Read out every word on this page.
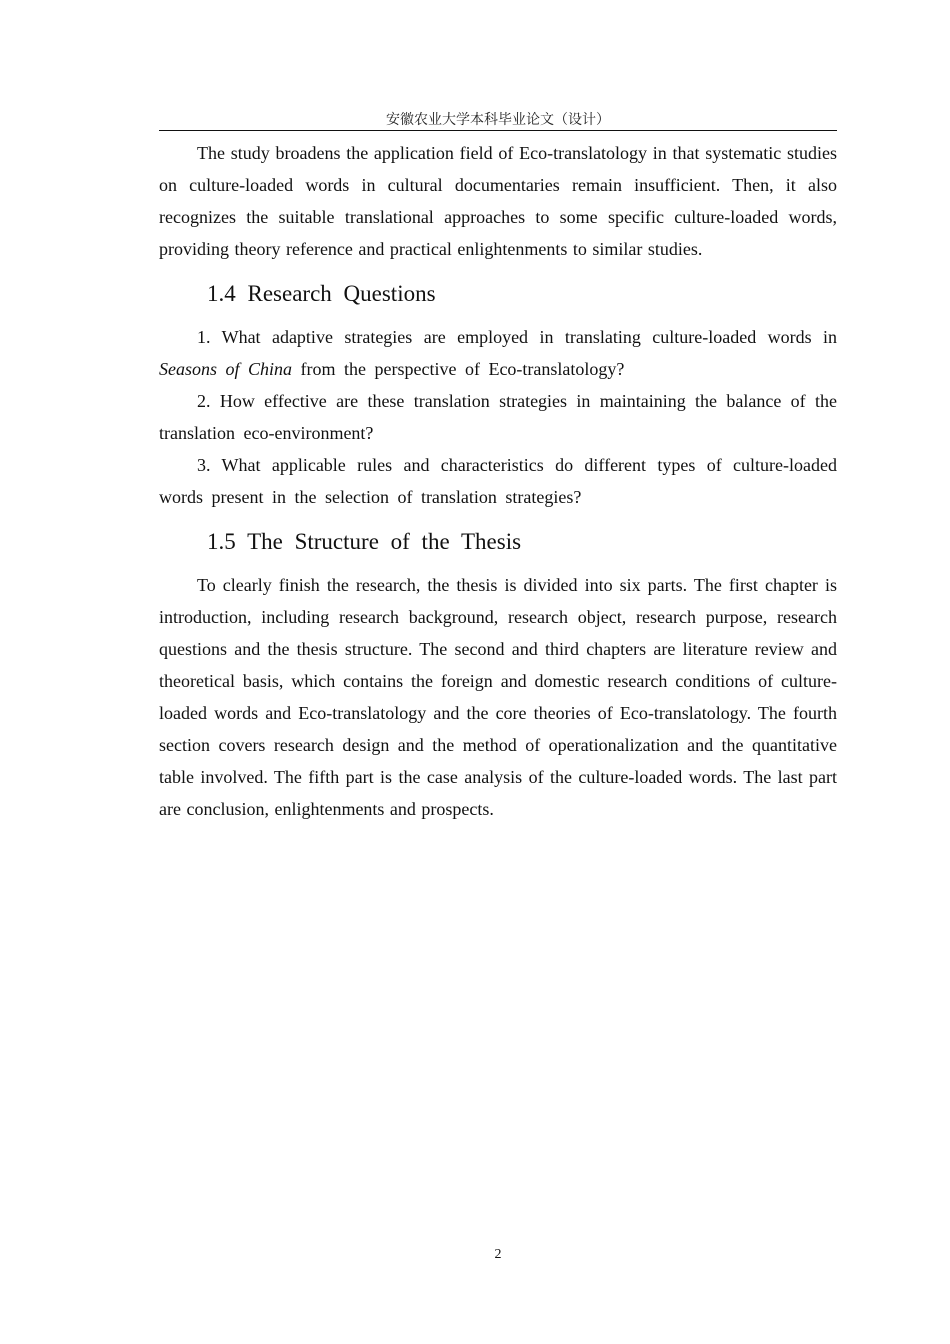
安徽农业大学本科毕业论文（设计）

The study broadens the application field of Eco-translatology in that systematic studies on culture-loaded words in cultural documentaries remain insufficient. Then, it also recognizes the suitable translational approaches to some specific culture-loaded words, providing theory reference and practical enlightenments to similar studies.

1.4 Research Questions

1. What adaptive strategies are employed in translating culture-loaded words in Seasons of China from the perspective of Eco-translatology?

2. How effective are these translation strategies in maintaining the balance of the translation eco-environment?

3. What applicable rules and characteristics do different types of culture-loaded words present in the selection of translation strategies?

1.5 The Structure of the Thesis

To clearly finish the research, the thesis is divided into six parts. The first chapter is introduction, including research background, research object, research purpose, research questions and the thesis structure. The second and third chapters are literature review and theoretical basis, which contains the foreign and domestic research conditions of culture-loaded words and Eco-translatology and the core theories of Eco-translatology. The fourth section covers research design and the method of operationalization and the quantitative table involved. The fifth part is the case analysis of the culture-loaded words. The last part are conclusion, enlightenments and prospects.

2
